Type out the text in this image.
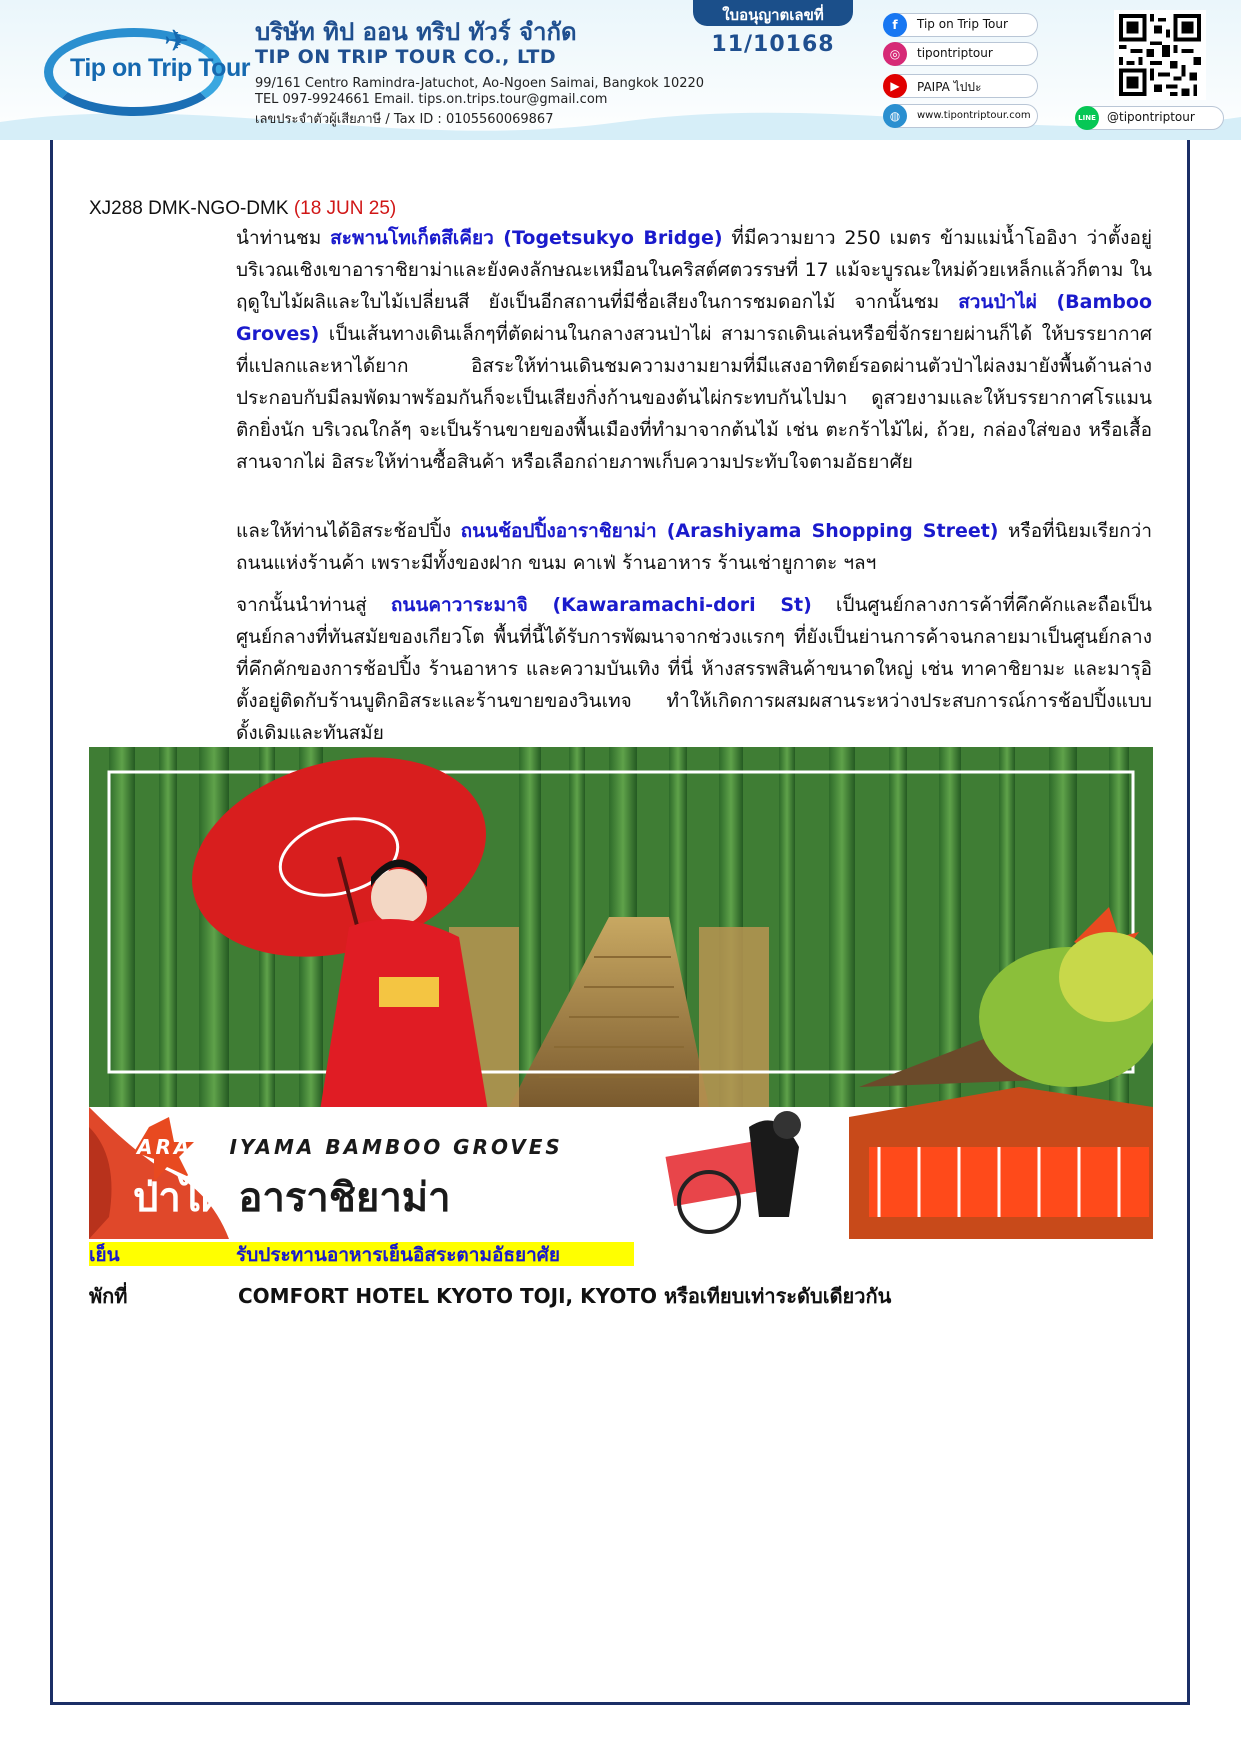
✈
Tip on Trip Tour
บริษัท ทิป ออน ทริป ทัวร์ จำกัด
TIP ON TRIP TOUR CO., LTD
99/161 Centro Ramindra-Jatuchot, Ao-Ngoen Saimai, Bangkok 10220
TEL 097-9924661 Email. tips.on.trips.tour@gmail.com
เลขประจำตัวผู้เสียภาษี / Tax ID : 0105560069867
ใบอนุญาตเลขที่
11/10168
f	Tip on Trip Tour
◎	tipontriptour
▶	PAIPA ไปปะ
◍	www.tipontriptour.com	LINE @tipontriptour
XJ288 DMK-NGO-DMK (18 JUN 25)
นำท่านชม สะพานโทเก็ตสึเคียว (Togetsukyo Bridge) ที่มีความยาว 250 เมตร ข้ามแม่น้ำโออิงา ว่าตั้งอยู่บริเวณเชิงเขาอาราชิยาม่าและยังคงลักษณะเหมือนในคริสต์ศตวรรษที่ 17 แม้จะบูรณะใหม่ด้วยเหล็กแล้วก็ตาม ในฤดูใบไม้ผลิและใบไม้เปลี่ยนสี ยังเป็นอีกสถานที่มีชื่อเสียงในการชมดอกไม้ จากนั้นชม สวนป่าไผ่ (Bamboo Groves) เป็นเส้นทางเดินเล็กๆที่ตัดผ่านในกลางสวนป่าไผ่ สามารถเดินเล่นหรือขี่จักรยายผ่านก็ได้ ให้บรรยากาศที่แปลกและหาได้ยาก อิสระให้ท่านเดินชมความงามยามที่มีแสงอาทิตย์รอดผ่านตัวป่าไผ่ลงมายังพื้นด้านล่าง ประกอบกับมีลมพัดมาพร้อมกันก็จะเป็นเสียงกิ่งก้านของต้นไผ่กระทบกันไปมา ดูสวยงามและให้บรรยากาศโรแมนติกยิ่งนัก บริเวณใกล้ๆ จะเป็นร้านขายของพื้นเมืองที่ทำมาจากต้นไม้ เช่น ตะกร้าไม้ไผ่, ถ้วย, กล่องใส่ของ หรือเสื้อสานจากไผ่ อิสระให้ท่านซื้อสินค้า หรือเลือกถ่ายภาพเก็บความประทับใจตามอัธยาศัย
และให้ท่านได้อิสระช้อปปิ้ง ถนนช้อปปิ้งอาราชิยาม่า (Arashiyama Shopping Street) หรือที่นิยมเรียกว่าถนนแห่งร้านค้า เพราะมีทั้งของฝาก ขนม คาเฟ่ ร้านอาหาร ร้านเช่ายูกาตะ ฯลฯ
จากนั้นนำท่านสู่ ถนนคาวาระมาจิ (Kawaramachi-dori St) เป็นศูนย์กลางการค้าที่คึกคักและถือเป็นศูนย์กลางที่ทันสมัยของเกียวโต พื้นที่นี้ได้รับการพัฒนาจากช่วงแรกๆ ที่ยังเป็นย่านการค้าจนกลายมาเป็นศูนย์กลางที่คึกคักของการช้อปปิ้ง ร้านอาหาร และความบันเทิง ที่นี่ ห้างสรรพสินค้าขนาดใหญ่ เช่น ทาคาชิยามะ และมารุอิ ตั้งอยู่ติดกับร้านบูติกอิสระและร้านขายของวินเทจ ทำให้เกิดการผสมผสานระหว่างประสบการณ์การช้อปปิ้งแบบดั้งเดิมและทันสมัย
ARASHIYAMA BAMBOO GROVES
ป่าไผ่ อาราชิยาม่า
เย็น	รับประทานอาหารเย็นอิสระตามอัธยาศัย
พักที่	COMFORT HOTEL KYOTO TOJI, KYOTO หรือเทียบเท่าระดับเดียวกัน
